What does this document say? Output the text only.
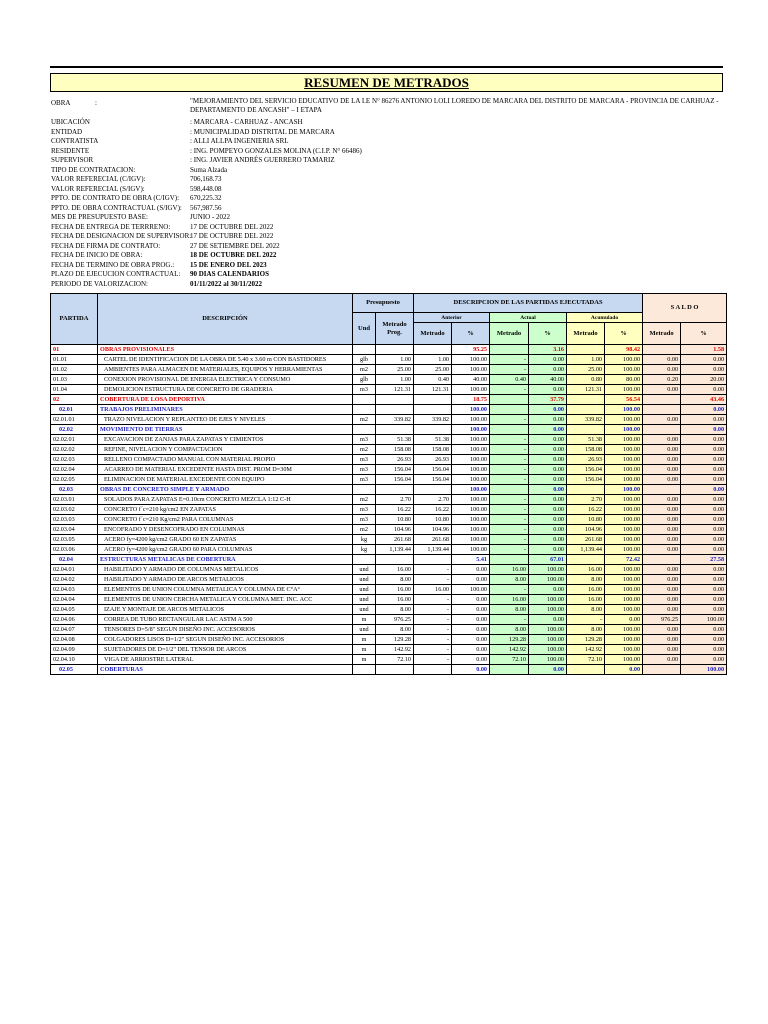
RESUMEN DE METRADOS
OBRA	:	"MEJORAMIENTO DEL SERVICIO EDUCATIVO DE LA I.E N° 86276 ANTONIO LOLI LOREDO DE MARCARA DEL DISTRITO DE MARCARA - PROVINCIA DE CARHUAZ - DEPARTAMENTO DE ANCASH" – I ETAPA
UBICACIÓN	: MARCARA - CARHUAZ - ANCASH
ENTIDAD	: MUNICIPALIDAD DISTRITAL DE MARCARA
CONTRATISTA	: ALLI ALLPA INGENIERIA SRL
RESIDENTE	: ING. POMPEYO GONZALES MOLINA (C.I.P. N° 66486)
SUPERVISOR	: ING. JAVIER ANDRÉS GUERRERO TAMARIZ
TIPO DE CONTRATACION:	Suma Alzada
VALOR REFERECIAL (C/IGV):	706,168.73
VALOR REFERECIAL (S/IGV):	598,448.08
PPTO. DE CONTRATO DE OBRA (C/IGV): 670,225.32
PPTO. DE OBRA CONTRACTUAL (S/IGV): 567,987.56
MES DE PRESUPUESTO BASE:	JUNIO - 2022
FECHA DE ENTREGA DE TERRRENO:	17 DE OCTUBRE DEL 2022
FECHA DE DESIGNACION DE SUPERVISOR:
17 DE OCTUBRE DEL 2022
FECHA DE FIRMA DE CONTRATO:	27 DE SETIEMBRE DEL 2022
FECHA DE INICIO DE OBRA:	18 DE OCTUBRE DEL 2022
FECHA DE TERMINO DE OBRA PROG.: 15 DE ENERO DEL 2023
PLAZO DE EJECUCION CONTRACTUAL: 90 DIAS CALENDARIOS
PERIODO DE VALORIZACION:	01/11/2022 al 30/11/2022
PARTIDA	DESCRIPCIÓN	Presupuesto		DESCRIPCION DE LAS PARTIDAS EJECUTADAS						S A L D O	
		Und	Metrado Prog.	Anterior		Actual		Acumulado			
				Metrado	%	Metrado	%	Metrado	%	Metrado	%
01	OBRAS PROVISIONALES				95.25		3.16		98.42		1.58
01.01	CARTEL DE IDENTIFICACION DE LA OBRA DE 5.40 x 3.60 m CON BASTIDORES	glb	1.00	1.00	100.00	-	0.00	1.00	100.00	0.00	0.00
01.02	AMBIENTES PARA ALMACEN DE MATERIALES, EQUIPOS Y HERRAMIENTAS	m2	25.00	25.00	100.00	-	0.00	25.00	100.00	0.00	0.00
01.03	CONEXION PROVISIONAL DE ENERGIA ELECTRICA Y CONSUMO	glb	1.00	0.40	40.00	0.40	40.00	0.80	80.00	0.20	20.00
01.04	DEMOLICION ESTRUCTURA DE CONCRETO DE GRADERIA	m3	121.31	121.31	100.00	-	0.00	121.31	100.00	0.00	0.00
02	COBERTURA DE LOSA DEPORTIVA				18.75		37.79		56.54		43.46
02.01	TRABAJOS PRELIMINARES				100.00		0.00		100.00		0.00
02.01.01	TRAZO NIVELACION Y REPLANTEO DE EJES Y NIVELES	m2	339.82	339.82	100.00	-	0.00	339.82	100.00	0.00	0.00
02.02	MOVIMIENTO DE TIERRAS				100.00		0.00		100.00		0.00
02.02.01	EXCAVACION DE ZANJAS PARA ZAPATAS Y CIMIENTOS	m3	51.38	51.38	100.00	-	0.00	51.38	100.00	0.00	0.00
02.02.02	REFINE, NIVELACION Y COMPACTACION	m2	158.08	158.08	100.00	-	0.00	158.08	100.00	0.00	0.00
02.02.03	RELLENO COMPACTADO MANUAL CON MATERIAL PROPIO	m3	26.93	26.93	100.00	-	0.00	26.93	100.00	0.00	0.00
02.02.04	ACARREO DE MATERIAL EXCEDENTE HASTA DIST. PROM D=30M	m3	156.04	156.04	100.00	-	0.00	156.04	100.00	0.00	0.00
02.02.05	ELIMINACION DE MATERIAL EXCEDENTE CON EQUIPO	m3	156.04	156.04	100.00	-	0.00	156.04	100.00	0.00	0.00
02.03	OBRAS DE CONCRETO SIMPLE Y ARMADO				100.00		0.00		100.00		0.00
02.03.01	SOLADOS PARA ZAPATAS E=0.10cm CONCRETO MEZCLA 1:12 C-H	m2	2.70	2.70	100.00	-	0.00	2.70	100.00	0.00	0.00
02.03.02	CONCRETO f´c=210 kg/cm2 EN ZAPATAS	m3	16.22	16.22	100.00	-	0.00	16.22	100.00	0.00	0.00
02.03.03	CONCRETO f´c=210 Kg/cm2 PARA COLUMNAS	m3	10.80	10.80	100.00	-	0.00	10.80	100.00	0.00	0.00
02.03.04	ENCOFRADO Y DESENCOFRADO EN COLUMNAS	m2	104.96	104.96	100.00	-	0.00	104.96	100.00	0.00	0.00
02.03.05	ACERO fy=4200 kg/cm2 GRADO 60 EN ZAPATAS	kg	261.68	261.68	100.00	-	0.00	261.68	100.00	0.00	0.00
02.03.06	ACERO fy=4200 kg/cm2 GRADO 60 PARA COLUMNAS	kg	1,139.44	1,139.44	100.00	-	0.00	1,139.44	100.00	0.00	0.00
02.04	ESTRUCTURAS METALICAS DE COBERTURA				5.41		67.01		72.42		27.58
02.04.01	HABILITADO Y ARMADO DE COLUMNAS METALICOS	und	16.00	-	0.00	16.00	100.00	16.00	100.00	0.00	0.00
02.04.02	HABILITADO Y ARMADO DE ARCOS METALICOS	und	8.00	-	0.00	8.00	100.00	8.00	100.00	0.00	0.00
02.04.03	ELEMENTOS DE UNION COLUMNA METALICA Y COLUMNA DE C°A°	und	16.00	16.00	100.00	-	0.00	16.00	100.00	0.00	0.00
02.04.04	ELEMENTOS DE UNION CERCHA METALICA Y COLUMNA MET. INC. ACC	und	16.00	-	0.00	16.00	100.00	16.00	100.00	0.00	0.00
02.04.05	IZAJE Y MONTAJE DE ARCOS METALICOS	und	8.00	-	0.00	8.00	100.00	8.00	100.00	0.00	0.00
02.04.06	CORREA DE TUBO RECTANGULAR LAC ASTM A 500	m	976.25	-	0.00	-	0.00	-	0.00	976.25	100.00
02.04.07	TENSORES D=5/8" SEGUN DISEÑO INC. ACCESORIOS	und	8.00	-	0.00	8.00	100.00	8.00	100.00	0.00	0.00
02.04.08	COLGADORES LISOS D=1/2" SEGUN DISEÑO INC. ACCESORIOS	m	129.28	-	0.00	129.28	100.00	129.28	100.00	0.00	0.00
02.04.09	SUJETADORES DE D=1/2" DEL TENSOR DE ARCOS	m	142.92	-	0.00	142.92	100.00	142.92	100.00	0.00	0.00
02.04.10	VIGA DE ARRIOSTRE LATERAL	m	72.10	-	0.00	72.10	100.00	72.10	100.00	0.00	0.00
02.05	COBERTURAS				0.00		0.00		0.00		100.00
